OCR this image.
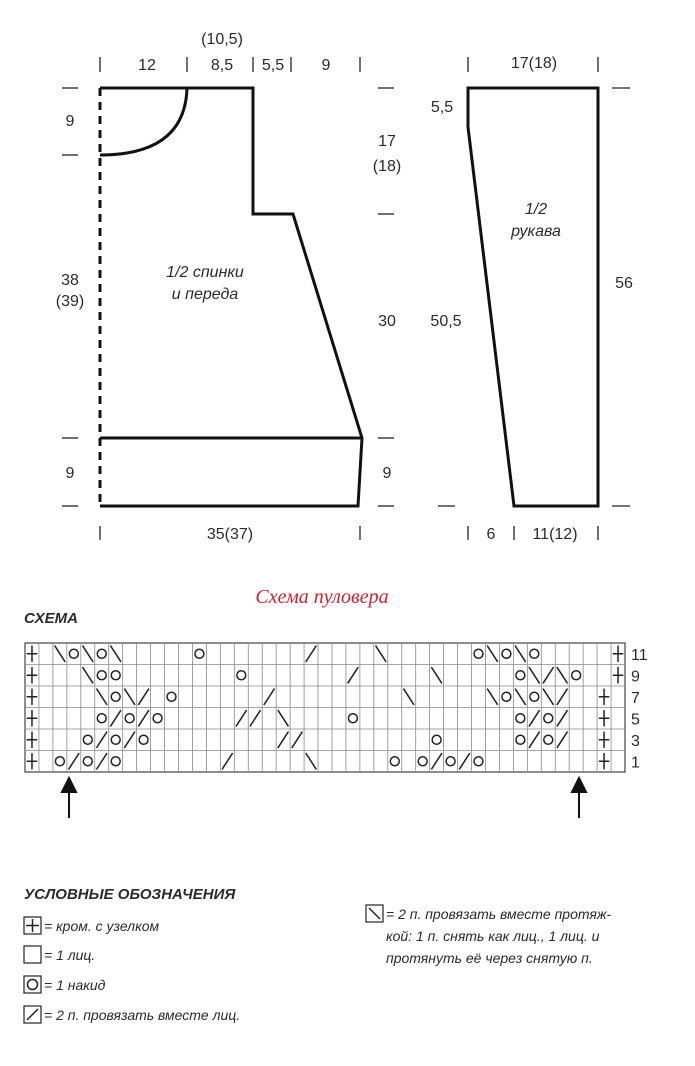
12
(10,5)
8,5 5,5 9
9
38
(39)
9
17
(18)
30
9
1/2 спинки
и переда
35(37)
17(18)
5,5
50,5
1/2
рукава
56
6 11(12)
Схема пуловера
СХЕМА
11
9
7
5
3
1
УСЛОВНЫЕ ОБОЗНАЧЕНИЯ
= кром. с узелком
= 1 лиц.
= 1 накид
= 2 п. провязать вместе лиц.
= 2 п. провязать вместе протяж-
кой: 1 п. снять как лиц., 1 лиц. и
протянуть её через снятую п.
